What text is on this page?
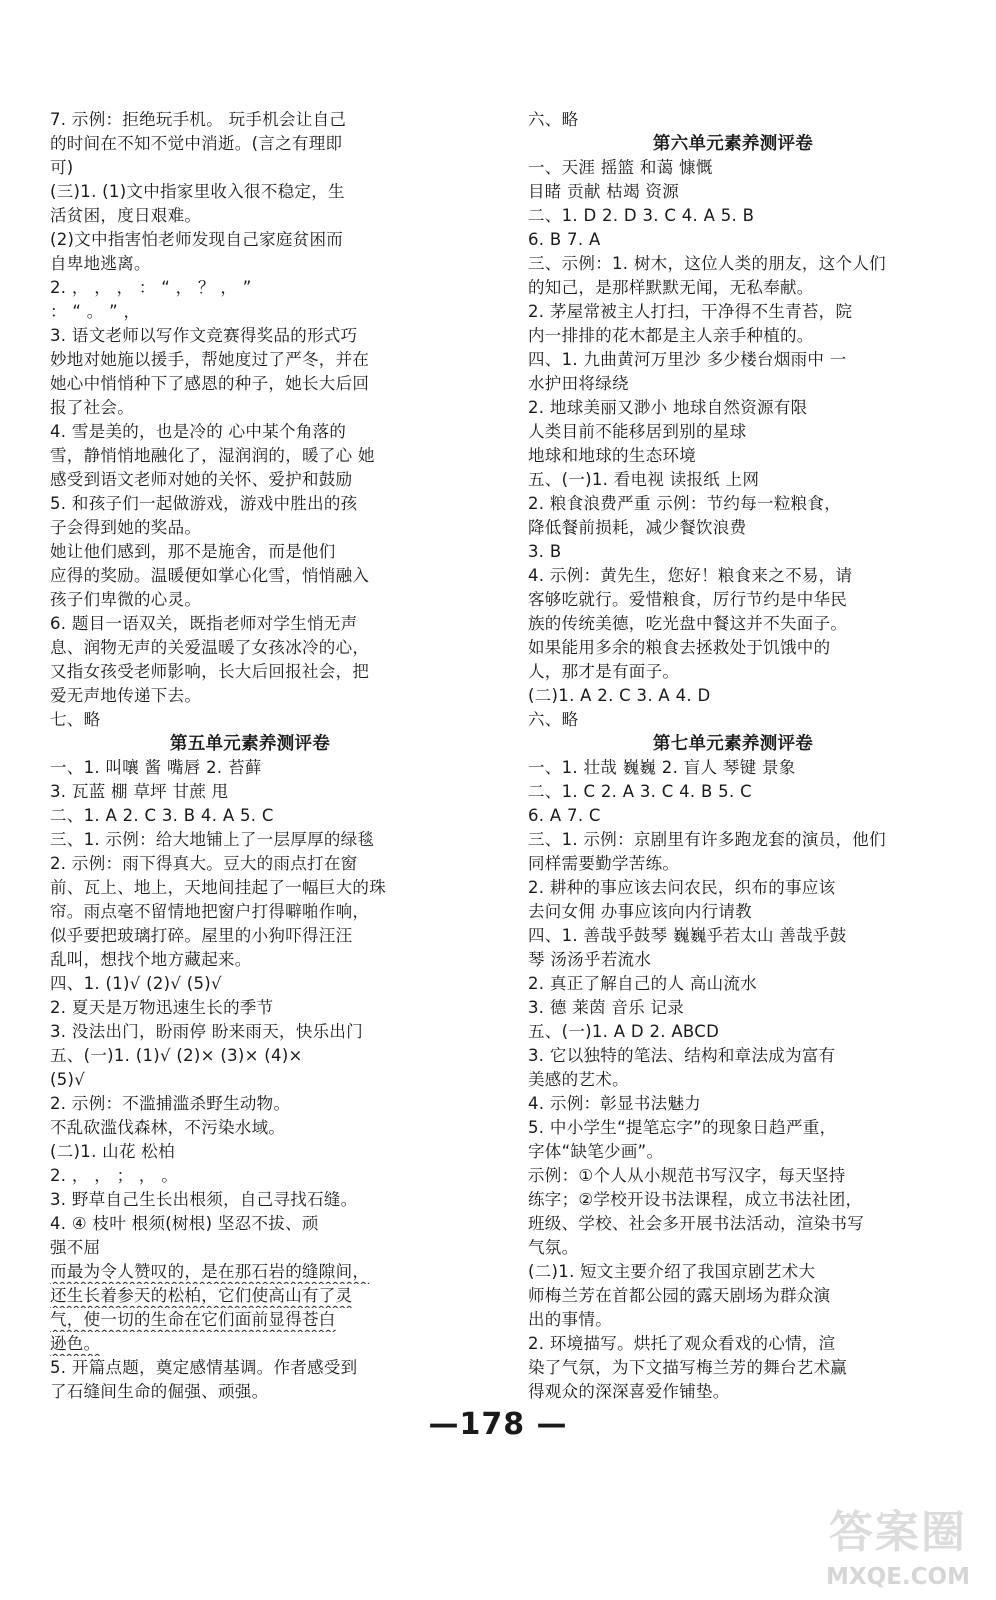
7. 示例：拒绝玩手机。 玩手机会让自己
的时间在不知不觉中消逝。(言之有理即
可)
(三)1. (1)文中指家里收入很不稳定，生
活贫困，度日艰难。
(2)文中指害怕老师发现自己家庭贫困而
自卑地逃离。
2. ， ， ， ： “ ， ？ ， ”
： “ 。 ” ，
3. 语文老师以写作文竞赛得奖品的形式巧
妙地对她施以援手，帮她度过了严冬，并在
她心中悄悄种下了感恩的种子，她长大后回
报了社会。
4. 雪是美的，也是冷的 心中某个角落的
雪，静悄悄地融化了，湿润润的，暖了心 她
感受到语文老师对她的关怀、爱护和鼓励
5. 和孩子们一起做游戏，游戏中胜出的孩
子会得到她的奖品。
她让他们感到，那不是施舍，而是他们
应得的奖励。温暖便如掌心化雪，悄悄融入
孩子们卑微的心灵。
6. 题目一语双关，既指老师对学生悄无声
息、润物无声的关爱温暖了女孩冰冷的心，
又指女孩受老师影响，长大后回报社会，把
爱无声地传递下去。
七、略
第五单元素养测评卷
一、1. 叫嚷 酱 嘴唇 2. 苔藓
3. 瓦蓝 棚 草坪 甘蔗 甩
二、1. A 2. C 3. B 4. A 5. C
三、1. 示例：给大地铺上了一层厚厚的绿毯
2. 示例：雨下得真大。豆大的雨点打在窗
前、瓦上、地上，天地间挂起了一幅巨大的珠
帘。雨点毫不留情地把窗户打得噼啪作响，
似乎要把玻璃打碎。屋里的小狗吓得汪汪
乱叫，想找个地方藏起来。
四、1. (1)√ (2)√ (5)√
2. 夏天是万物迅速生长的季节
3. 没法出门，盼雨停 盼来雨天，快乐出门
五、(一)1. (1)√ (2)× (3)× (4)×
(5)√
2. 示例：不滥捕滥杀野生动物。
不乱砍滥伐森林，不污染水域。
(二)1. 山花 松柏
2. ， ， ； ， 。
3. 野草自己生长出根须，自己寻找石缝。
4. ④ 枝叶 根须(树根) 坚忍不拔、顽
强不屈
而最为令人赞叹的，是在那石岩的缝隙间，
还生长着参天的松柏，它们使高山有了灵
气，使一切的生命在它们面前显得苍白
逊色。
5. 开篇点题，奠定感情基调。作者感受到
了石缝间生命的倔强、顽强。
六、略
第六单元素养测评卷
一、天涯 摇篮 和蔼 慷慨
目睹 贡献 枯竭 资源
二、1. D 2. D 3. C 4. A 5. B
6. B 7. A
三、示例：1. 树木，这位人类的朋友，这个人们
的知己，是那样默默无闻，无私奉献。
2. 茅屋常被主人打扫，干净得不生青苔，院
内一排排的花木都是主人亲手种植的。
四、1. 九曲黄河万里沙 多少楼台烟雨中 一
水护田将绿绕
2. 地球美丽又渺小 地球自然资源有限
人类目前不能移居到别的星球
地球和地球的生态环境
五、(一)1. 看电视 读报纸 上网
2. 粮食浪费严重 示例：节约每一粒粮食，
降低餐前损耗，减少餐饮浪费
3. B
4. 示例：黄先生，您好！粮食来之不易，请
客够吃就行。爱惜粮食，厉行节约是中华民
族的传统美德，吃光盘中餐这并不失面子。
如果能用多余的粮食去拯救处于饥饿中的
人，那才是有面子。
(二)1. A 2. C 3. A 4. D
六、略
第七单元素养测评卷
一、1. 壮哉 巍巍 2. 盲人 琴键 景象
二、1. C 2. A 3. C 4. B 5. C
6. A 7. C
三、1. 示例：京剧里有许多跑龙套的演员，他们
同样需要勤学苦练。
2. 耕种的事应该去问农民，织布的事应该
去问女佣 办事应该向内行请教
四、1. 善哉乎鼓琴 巍巍乎若太山 善哉乎鼓
琴 汤汤乎若流水
2. 真正了解自己的人 高山流水
3. 德 莱茵 音乐 记录
五、(一)1. A D 2. ABCD
3. 它以独特的笔法、结构和章法成为富有
美感的艺术。
4. 示例：彰显书法魅力
5. 中小学生“提笔忘字”的现象日趋严重，
字体“缺笔少画”。
示例：①个人从小规范书写汉字，每天坚持
练字；②学校开设书法课程，成立书法社团，
班级、学校、社会多开展书法活动，渲染书写
气氛。
(二)1. 短文主要介绍了我国京剧艺术大
师梅兰芳在首都公园的露天剧场为群众演
出的事情。
2. 环境描写。烘托了观众看戏的心情，渲
染了气氛，为下文描写梅兰芳的舞台艺术赢
得观众的深深喜爱作铺垫。
—178 —
答案圈
MXQE.COM
